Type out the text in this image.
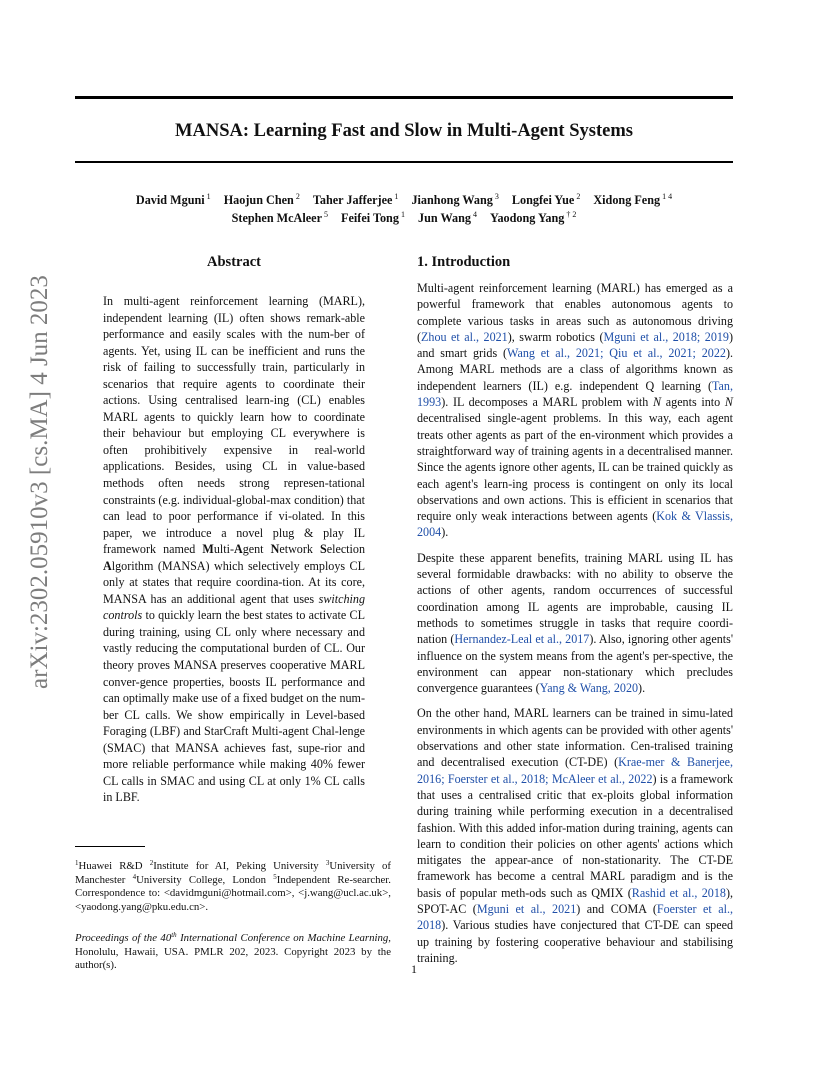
MANSA: Learning Fast and Slow in Multi-Agent Systems
David Mguni $^1$ Haojun Chen $^2$ Taher Jafferjee $^1$ Jianhong Wang $^3$ Longfei Yue $^2$ Xidong Feng $^{1 4}$
Stephen McAleer $^5$ Feifei Tong $^1$ Jun Wang $^4$ Yaodong Yang $^{\dagger 2}$
arXiv:2302.05910v3 [cs.MA] 4 Jun 2023
Abstract

In multi-agent reinforcement learning (MARL), independent learning (IL) often shows remark-able performance and easily scales with the num-ber of agents. Yet, using IL can be inefficient and runs the risk of failing to successfully train, particularly in scenarios that require agents to coordinate their actions. Using centralised learn-ing (CL) enables MARL agents to quickly learn how to coordinate their behaviour but employing CL everywhere is often prohibitively expensive in real-world applications. Besides, using CL in value-based methods often needs strong represen-tational constraints (e.g. individual-global-max condition) that can lead to poor performance if vi-olated. In this paper, we introduce a novel plug & play IL framework named Multi-Agent Network Selection Algorithm (MANSA) which selectively employs CL only at states that require coordina-tion. At its core, MANSA has an additional agent that uses switching controls to quickly learn the best states to activate CL during training, using CL only where necessary and vastly reducing the computational burden of CL. Our theory proves MANSA preserves cooperative MARL conver-gence properties, boosts IL performance and can optimally make use of a fixed budget on the num-ber CL calls. We show empirically in Level-based Foraging (LBF) and StarCraft Multi-agent Chal-lenge (SMAC) that MANSA achieves fast, supe-rior and more reliable performance while making 40% fewer CL calls in SMAC and using CL at only 1% CL calls in LBF.

$^1$Huawei R&D $^2$Institute for AI, Peking University $^3$University of Manchester $^4$University College, London $^5$Independent Re-searcher. Correspondence to: <davidmguni@hotmail.com>, <j.wang@ucl.ac.uk>, <yaodong.yang@pku.edu.cn>.

Proceedings of the 40th International Conference on Machine Learning, Honolulu, Hawaii, USA. PMLR 202, 2023. Copyright 2023 by the author(s).

1. Introduction

Multi-agent reinforcement learning (MARL) has emerged as a powerful framework that enables autonomous agents to complete various tasks in areas such as autonomous driving (Zhou et al., 2021), swarm robotics (Mguni et al., 2018; 2019) and smart grids (Wang et al., 2021; Qiu et al., 2021; 2022). Among MARL methods are a class of algorithms known as independent learners (IL) e.g. independent Q learning (Tan, 1993). IL decomposes a MARL problem with N agents into N decentralised single-agent problems. In this way, each agent treats other agents as part of the en-vironment which provides a straightforward way of training agents in a decentralised manner. Since the agents ignore other agents, IL can be trained quickly as each agent's learn-ing process is contingent on only its local observations and own actions. This is efficient in scenarios that require only weak interactions between agents (Kok & Vlassis, 2004).

Despite these apparent benefits, training MARL using IL has several formidable drawbacks: with no ability to observe the actions of other agents, random occurrences of successful coordination among IL agents are improbable, causing IL methods to sometimes struggle in tasks that require coordi-nation (Hernandez-Leal et al., 2017). Also, ignoring other agents' influence on the system means from the agent's per-spective, the environment can appear non-stationary which precludes convergence guarantees (Yang & Wang, 2020).

On the other hand, MARL learners can be trained in simu-lated environments in which agents can be provided with other agents' observations and other state information. Cen-tralised training and decentralised execution (CT-DE) (Krae-mer & Banerjee, 2016; Foerster et al., 2018; McAleer et al., 2022) is a framework that uses a centralised critic that ex-ploits global information during training while performing execution in a decentralised fashion. With this added infor-mation during training, agents can learn to condition their policies on other agents' actions which mitigates the appear-ance of non-stationarity. The CT-DE framework has become a central MARL paradigm and is the basis of popular meth-ods such as QMIX (Rashid et al., 2018), SPOT-AC (Mguni et al., 2021) and COMA (Foerster et al., 2018). Various studies have conjectured that CT-DE can speed up training by fostering cooperative behaviour and stabilising training.

1
